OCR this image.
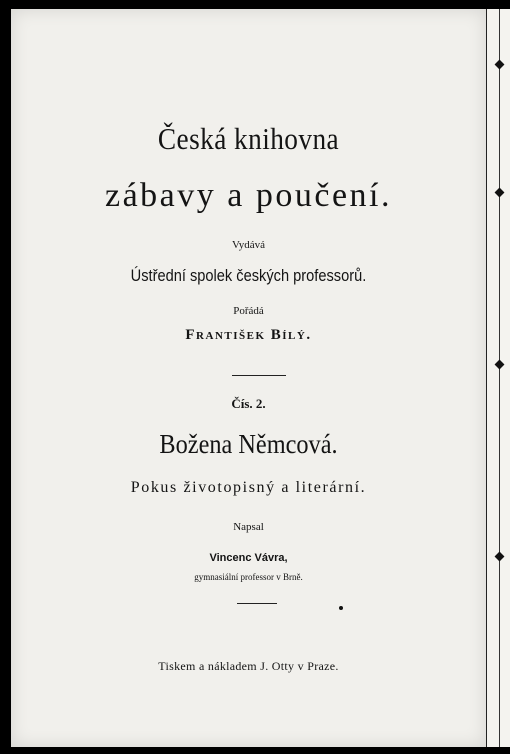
Česká knihovna
zábavy a poučení.
Vydává
Ústřední spolek českých professorů.
Pořádá
František Bílý.
Čís. 2.
Božena Němcová.
Pokus životopisný a literární.
Napsal
Vincenc Vávra,
gymnasiální professor v Brně.
Tiskem a nákladem J. Otty v Praze.
